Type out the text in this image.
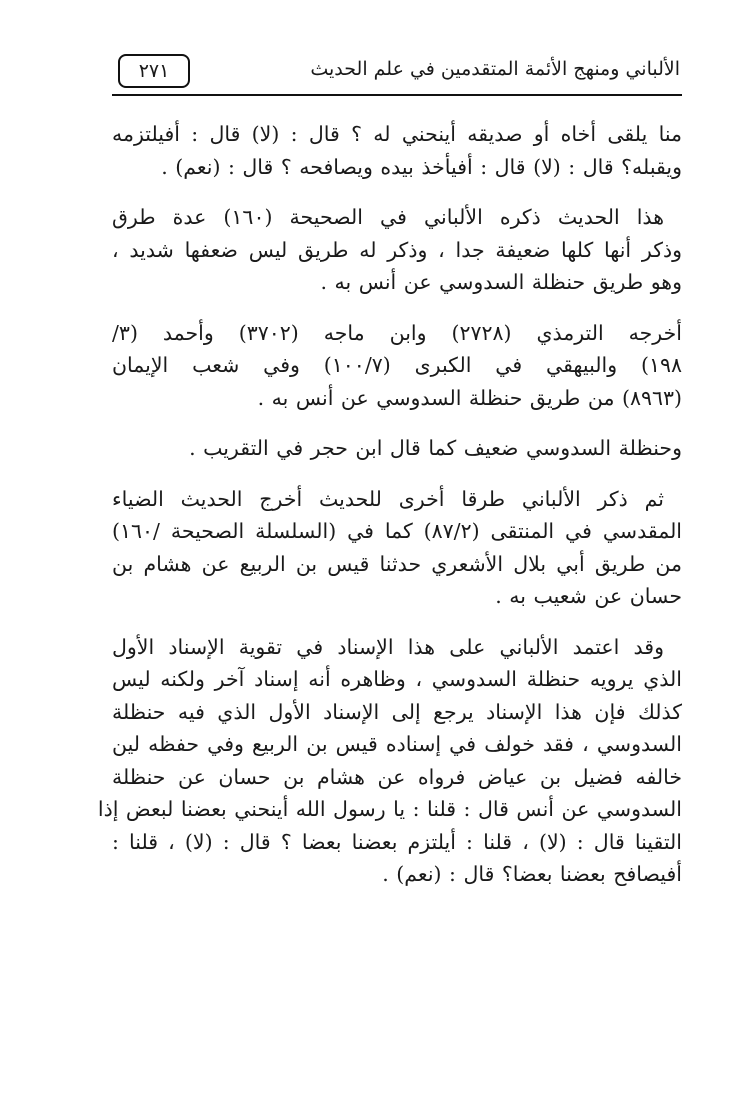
٢٧١	الألباني ومنهج الأئمة المتقدمين في علم الحديث

منا يلقى أخاه أو صديقه أينحني له ؟ قال : (لا) قال : أفيلتزمه
ويقبله؟ قال : (لا) قال : أفيأخذ بيده ويصافحه ؟ قال : (نعم) .

هذا الحديث ذكره الألباني في الصحيحة (١٦٠) عدة طرق
وذكر أنها كلها ضعيفة جدا ، وذكر له طريق ليس ضعفها شديد ،
وهو طريق حنظلة السدوسي عن أنس به .

أخرجه الترمذي (٢٧٢٨) وابن ماجه (٣٧٠٢) وأحمد (٣/
١٩٨) والبيهقي في الكبرى (١٠٠/٧) وفي شعب الإيمان
(٨٩٦٣) من طريق حنظلة السدوسي عن أنس به .

وحنظلة السدوسي ضعيف كما قال ابن حجر في التقريب .

ثم ذكر الألباني طرقا أخرى للحديث أخرج الحديث الضياء
المقدسي في المنتقى (٨٧/٢) كما في (السلسلة الصحيحة /١٦٠)
من طريق أبي بلال الأشعري حدثنا قيس بن الربيع عن هشام بن
حسان عن شعيب به .

وقد اعتمد الألباني على هذا الإسناد في تقوية الإسناد الأول
الذي يرويه حنظلة السدوسي ، وظاهره أنه إسناد آخر ولكنه ليس
كذلك فإن هذا الإسناد يرجع إلى الإسناد الأول الذي فيه حنظلة
السدوسي ، فقد خولف في إسناده قيس بن الربيع وفي حفظه لين
خالفه فضيل بن عياض فرواه عن هشام بن حسان عن حنظلة
السدوسي عن أنس قال : قلنا : يا رسول الله أينحني بعضنا لبعض إذا
التقينا قال : (لا) ، قلنا : أيلتزم بعضنا بعضا ؟ قال : (لا) ، قلنا :
أفيصافح بعضنا بعضا؟ قال : (نعم) .
